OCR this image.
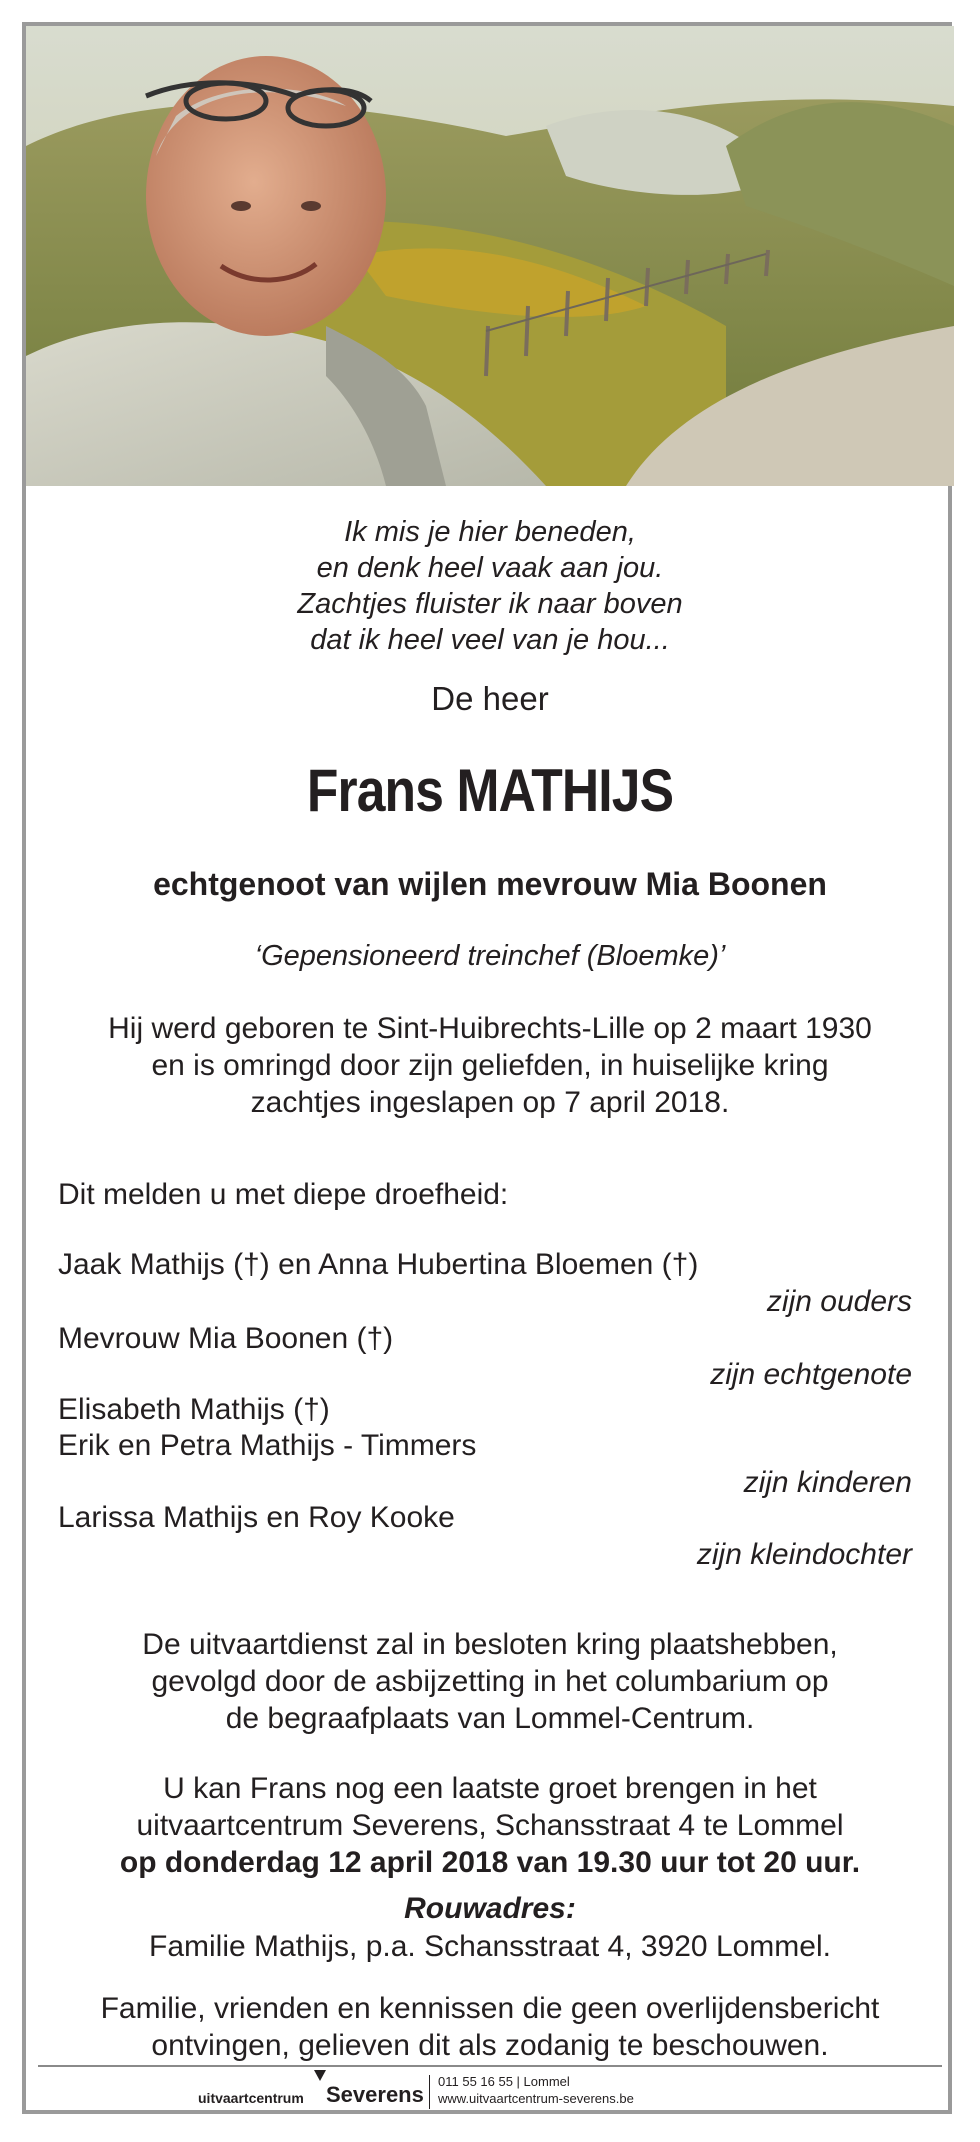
Ik mis je hier beneden,
en denk heel vaak aan jou.
Zachtjes fluister ik naar boven
dat ik heel veel van je hou...
De heer
Frans MATHIJS
echtgenoot van wijlen mevrouw Mia Boonen
‘Gepensioneerd treinchef (Bloemke)’
Hij werd geboren te Sint-Huibrechts-Lille op 2 maart 1930
en is omringd door zijn geliefden, in huiselijke kring
zachtjes ingeslapen op 7 april 2018.
Dit melden u met diepe droefheid:
Jaak Mathijs (†) en Anna Hubertina Bloemen (†)
zijn ouders
Mevrouw Mia Boonen (†)
zijn echtgenote
Elisabeth Mathijs (†)
Erik en Petra Mathijs - Timmers
zijn kinderen
Larissa Mathijs en Roy Kooke
zijn kleindochter
De uitvaartdienst zal in besloten kring plaatshebben,
gevolgd door de asbijzetting in het columbarium op
de begraafplaats van Lommel-Centrum.
U kan Frans nog een laatste groet brengen in het
uitvaartcentrum Severens, Schansstraat 4 te Lommel
op donderdag 12 april 2018 van 19.30 uur tot 20 uur.
Rouwadres:
Familie Mathijs, p.a. Schansstraat 4, 3920 Lommel.
Familie, vrienden en kennissen die geen overlijdensbericht
ontvingen, gelieven dit als zodanig te beschouwen.
uitvaartcentrum Severens
011 55 16 55 | Lommel
www.uitvaartcentrum-severens.be
